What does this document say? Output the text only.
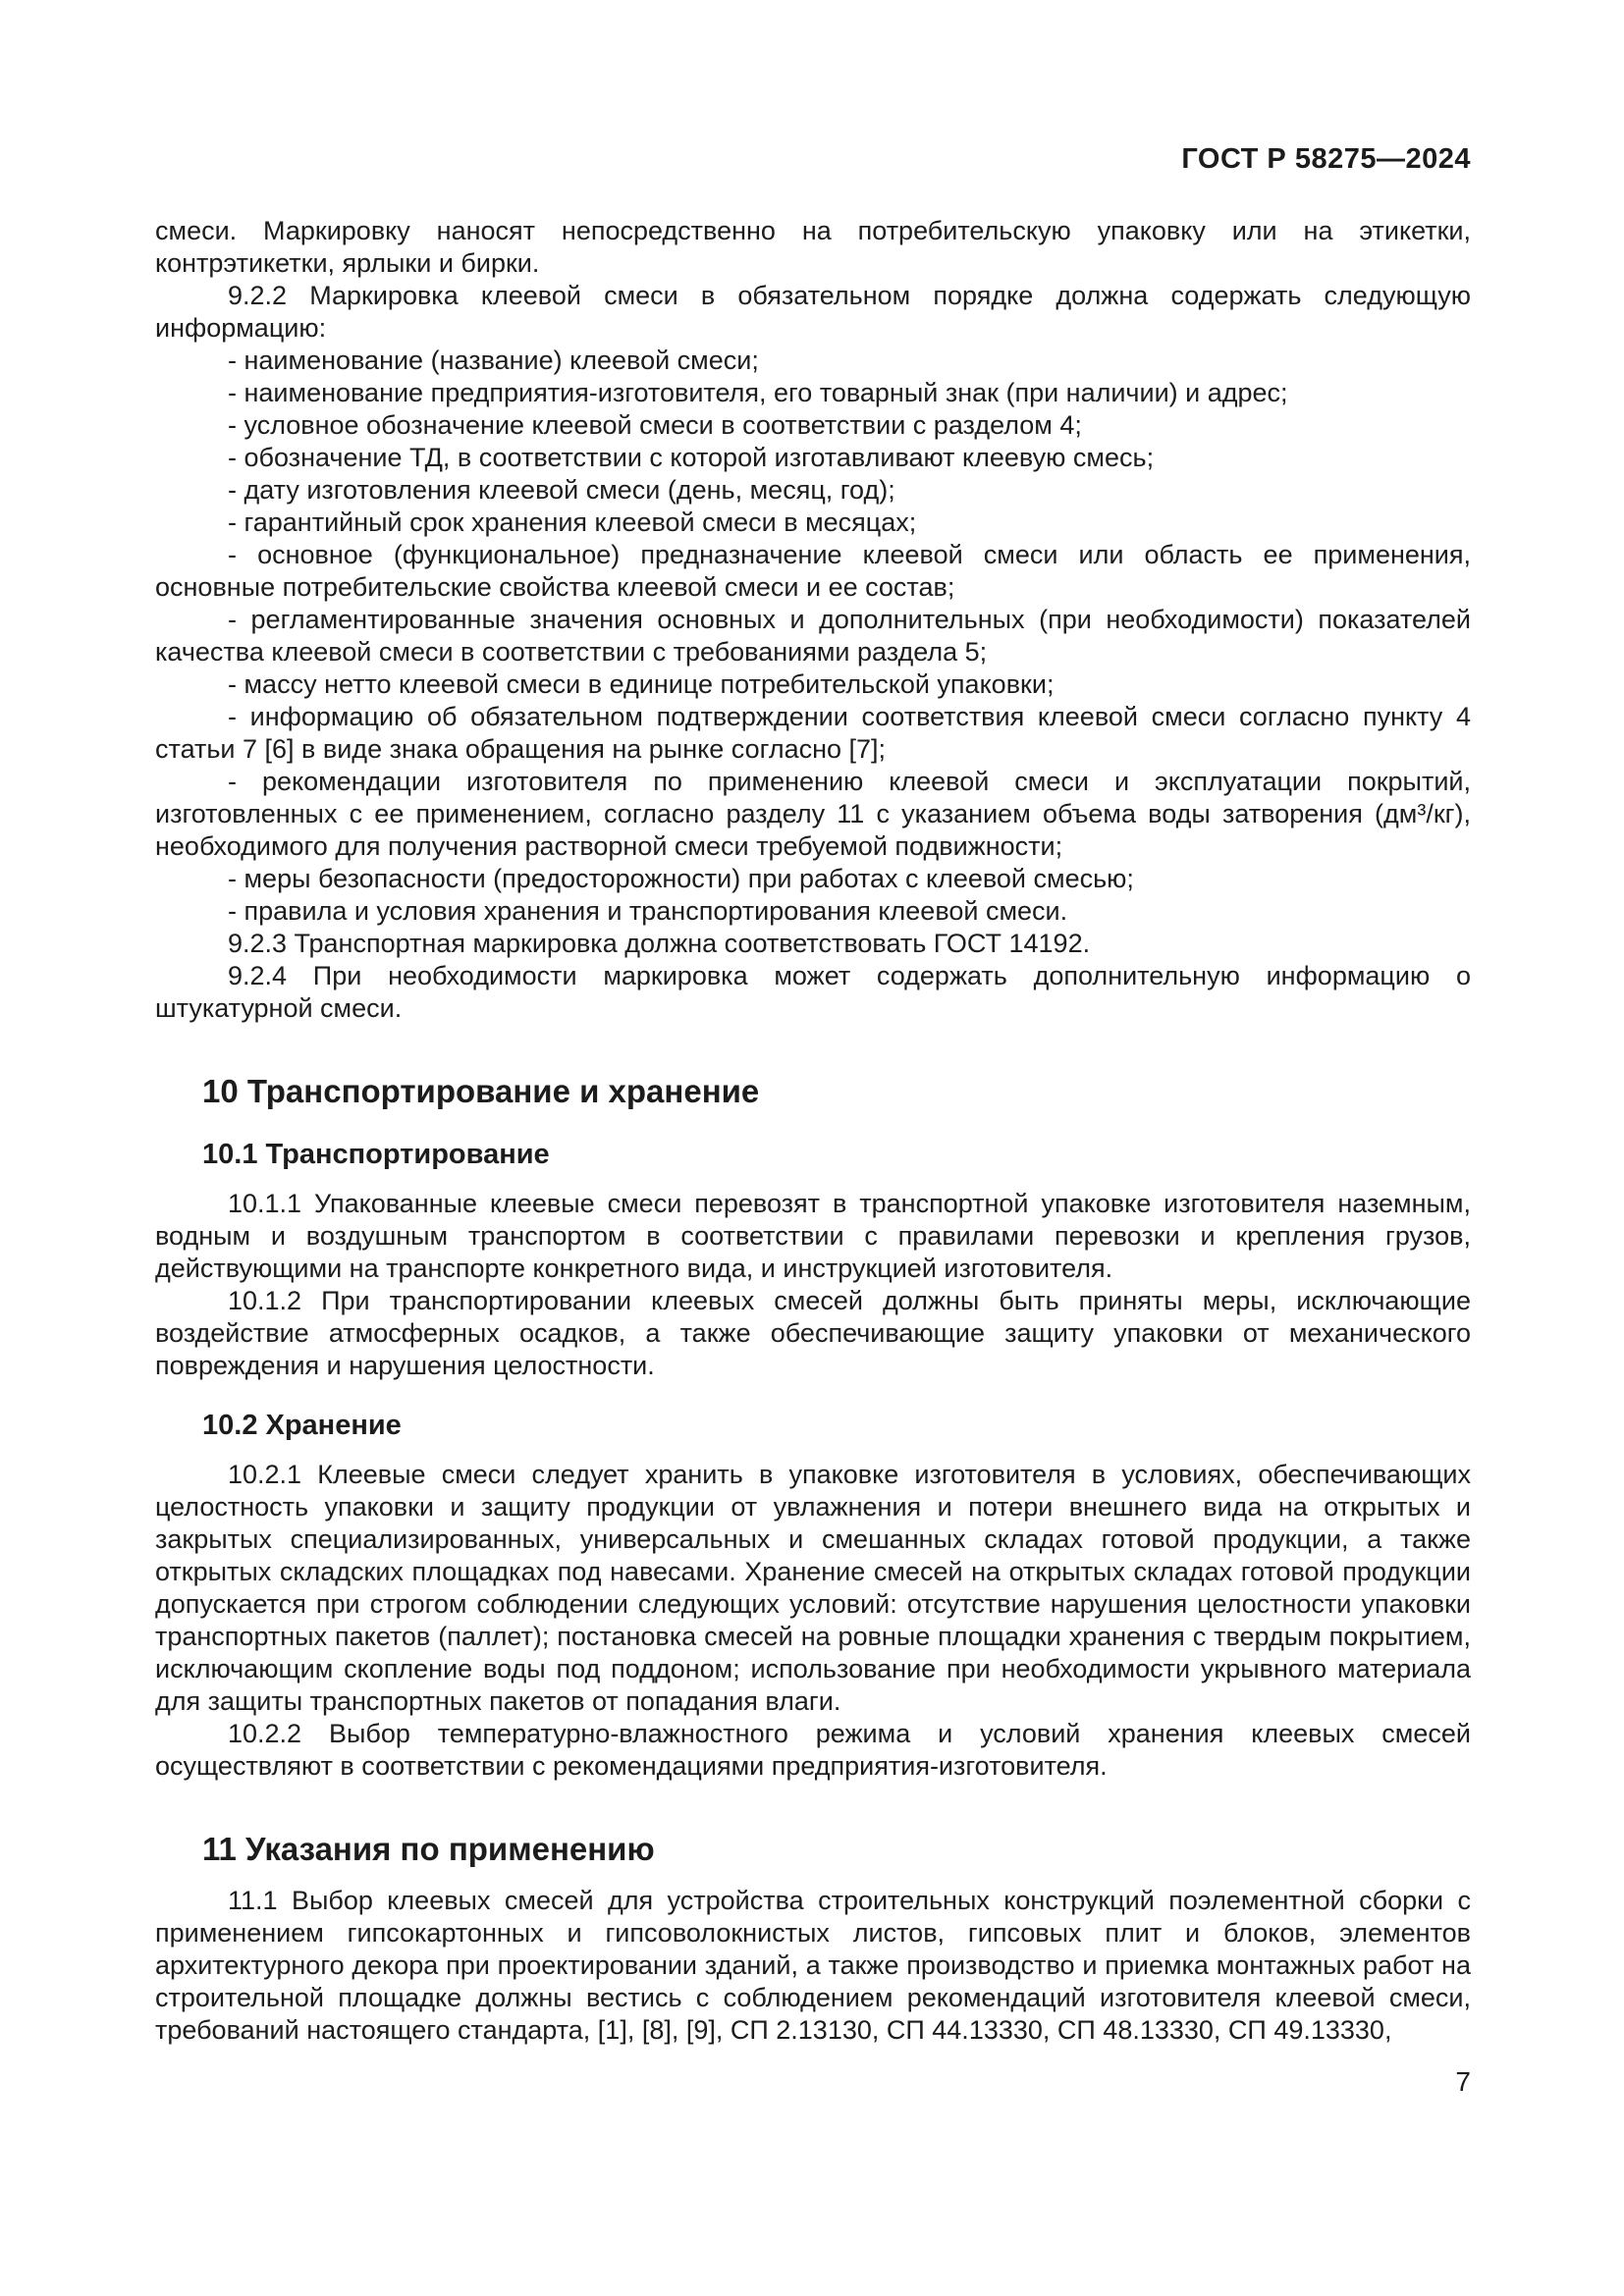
ГОСТ Р 58275—2024

смеси. Маркировку наносят непосредственно на потребительскую упаковку или на этикетки, контрэтикетки, ярлыки и бирки.

9.2.2 Маркировка клеевой смеси в обязательном порядке должна содержать следующую информацию:

- наименование (название) клеевой смеси;

- наименование предприятия-изготовителя, его товарный знак (при наличии) и адрес;

- условное обозначение клеевой смеси в соответствии с разделом 4;

- обозначение ТД, в соответствии с которой изготавливают клеевую смесь;

- дату изготовления клеевой смеси (день, месяц, год);

- гарантийный срок хранения клеевой смеси в месяцах;

- основное (функциональное) предназначение клеевой смеси или область ее применения, основные потребительские свойства клеевой смеси и ее состав;

- регламентированные значения основных и дополнительных (при необходимости) показателей качества клеевой смеси в соответствии с требованиями раздела 5;

- массу нетто клеевой смеси в единице потребительской упаковки;

- информацию об обязательном подтверждении соответствия клеевой смеси согласно пункту 4 статьи 7 [6] в виде знака обращения на рынке согласно [7];

- рекомендации изготовителя по применению клеевой смеси и эксплуатации покрытий, изготовленных с ее применением, согласно разделу 11 с указанием объема воды затворения (дм³/кг), необходимого для получения растворной смеси требуемой подвижности;

- меры безопасности (предосторожности) при работах с клеевой смесью;

- правила и условия хранения и транспортирования клеевой смеси.

9.2.3 Транспортная маркировка должна соответствовать ГОСТ 14192.

9.2.4 При необходимости маркировка может содержать дополнительную информацию о штукатурной смеси.

10 Транспортирование и хранение
10.1 Транспортирование

10.1.1 Упакованные клеевые смеси перевозят в транспортной упаковке изготовителя наземным, водным и воздушным транспортом в соответствии с правилами перевозки и крепления грузов, действующими на транспорте конкретного вида, и инструкцией изготовителя.

10.1.2 При транспортировании клеевых смесей должны быть приняты меры, исключающие воздействие атмосферных осадков, а также обеспечивающие защиту упаковки от механического повреждения и нарушения целостности.

10.2 Хранение

10.2.1 Клеевые смеси следует хранить в упаковке изготовителя в условиях, обеспечивающих целостность упаковки и защиту продукции от увлажнения и потери внешнего вида на открытых и закрытых специализированных, универсальных и смешанных складах готовой продукции, а также открытых складских площадках под навесами. Хранение смесей на открытых складах готовой продукции допускается при строгом соблюдении следующих условий: отсутствие нарушения целостности упаковки транспортных пакетов (паллет); постановка смесей на ровные площадки хранения с твердым покрытием, исключающим скопление воды под поддоном; использование при необходимости укрывного материала для защиты транспортных пакетов от попадания влаги.

10.2.2 Выбор температурно-влажностного режима и условий хранения клеевых смесей осуществляют в соответствии с рекомендациями предприятия-изготовителя.

11 Указания по применению

11.1 Выбор клеевых смесей для устройства строительных конструкций поэлементной сборки с применением гипсокартонных и гипсоволокнистых листов, гипсовых плит и блоков, элементов архитектурного декора при проектировании зданий, а также производство и приемка монтажных работ на строительной площадке должны вестись с соблюдением рекомендаций изготовителя клеевой смеси, требований настоящего стандарта, [1], [8], [9], СП 2.13130, СП 44.13330, СП 48.13330, СП 49.13330,

7
